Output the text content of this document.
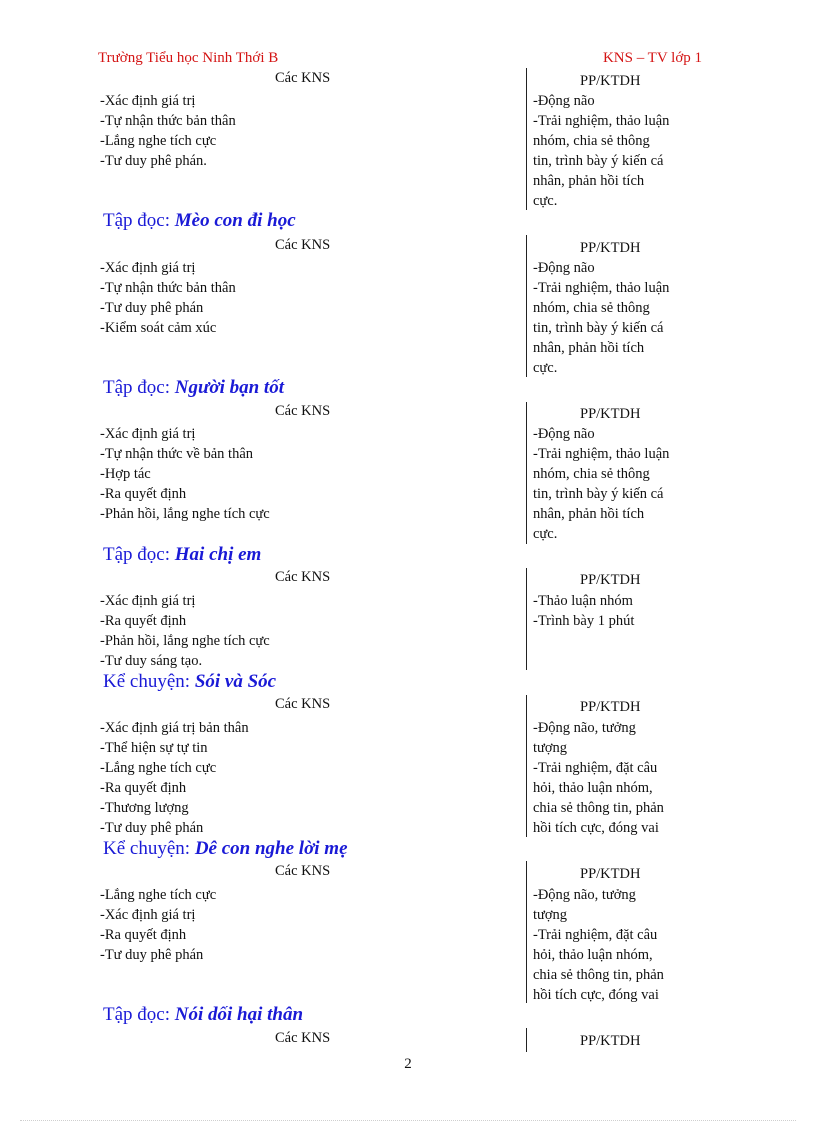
Trường Tiểu học Ninh Thới B	KNS – TV lớp 1
Các KNS	PP/KTDH
-Xác định giá trị
-Tự nhận thức bản thân
-Lắng nghe tích cực
-Tư duy phê phán.
-Động não
-Trải nghiệm, thảo luận
nhóm, chia sẻ thông
tin, trình bày ý kiến cá
nhân, phản hồi tích
cực.
Tập đọc: Mèo con đi học
Các KNS	PP/KTDH
-Xác định giá trị
-Tự nhận thức bản thân
-Tư duy phê phán
-Kiểm soát cảm xúc
-Động não
-Trải nghiệm, thảo luận
nhóm, chia sẻ thông
tin, trình bày ý kiến cá
nhân, phản hồi tích
cực.
Tập đọc: Người bạn tốt
Các KNS	PP/KTDH
-Xác định giá trị
-Tự nhận thức về bản thân
-Hợp tác
-Ra quyết định
-Phản hồi, lắng nghe tích cực
-Động não
-Trải nghiệm, thảo luận
nhóm, chia sẻ thông
tin, trình bày ý kiến cá
nhân, phản hồi tích
cực.
Tập đọc: Hai chị em
Các KNS	PP/KTDH
-Xác định giá trị
-Ra quyết định
-Phản hồi, lắng nghe tích cực
-Tư duy sáng tạo.
-Thảo luận nhóm
-Trình bày 1 phút
Kể chuyện: Sói và Sóc
Các KNS	PP/KTDH
-Xác định giá trị bản thân
-Thể hiện sự tự tin
-Lắng nghe tích cực
-Ra quyết định
-Thương lượng
-Tư duy phê phán
-Động não, tưởng
tượng
-Trải nghiệm, đặt câu
hỏi, thảo luận nhóm,
chia sẻ thông tin, phản
hồi tích cực, đóng vai
Kể chuyện: Dê con nghe lời mẹ
Các KNS	PP/KTDH
-Lắng nghe tích cực
-Xác định giá trị
-Ra quyết định
-Tư duy phê phán
-Động não, tưởng
tượng
-Trải nghiệm, đặt câu
hỏi, thảo luận nhóm,
chia sẻ thông tin, phản
hồi tích cực, đóng vai
Tập đọc: Nói dối hại thân
Các KNS	PP/KTDH
2
